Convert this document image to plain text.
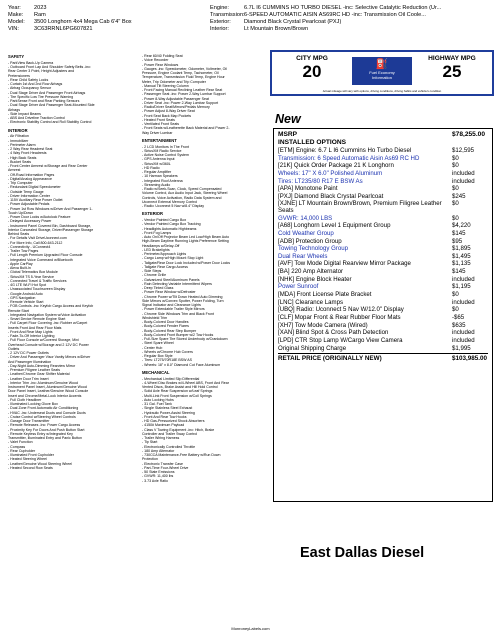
Year: 2023
Make: Ram
Model: 3500 Longhorn 4x4 Mega Cab 6'4" Box
VIN:	3C63RRNL6PG607821
Engine:	6.7L I6 CUMMINS HO TURBO DIESEL -inc: Selective Catalytic Reduction (Ur...
Transmission:6-SPEED AUTOMATIC AISIN AS69RC HD -inc: Transmission Oil Coole...
Exterior: Diamond Black Crystal Pearlcoat (PXJ)
Interior:	Lt Mountain Brown/Brown
SAFETY
- ParkView Back-Up Camera
- Outboard Front Lap And Shoulder Safety Belts -inc:
Rear Center 3 Point, Height Adjusters and
Pretensioners
- Rear Child Safety Locks
- Curtain 1st And 2nd Row Airbags
- Airbag Occupancy Sensor
- Dual Stage Driver And Passenger Front Airbags
- Tire Specific Low Tire Pressure Warning
- ParkSense Front and Rear Parking Sensors
- Dual Stage Driver And Passenger Seat-Mounted Side
Airbags
- Side Impact Beams
- ABS And Driveline Traction Control
- Electronic Stability Control and Roll Stability Control
INTERIOR
- Air Filtration
- Immobilizer
- Perimeter Alarm
- 2 Way Rear Headrest Seat
- 4 Way Front Headrests
- High Back Seats
- Bucket Seats
- Front Center Armrest w/Storage and Rear Center
Armrest
- Off-Road Information Pages
- Digital/Analog Appearance
- Trip Computer
- Redundant Digital Speedometer
- Outside Temp Gauge
- Driver Information Center
- 115V Auxiliary Rear Power Outlet
- Power Adjustable Pedals
- Power 1st Row Windows w/Driver And Passenger 1-
Touch Up/Down
- Power Door Locks w/Autolock Feature
- Delayed Accessory Power
- Instrument Panel Covered Bin, Dashboard Storage,
Interior Concealed Storage, Driver/Passenger Storage
Behind Seats
- For Details Visit DriveUconnect.com
- For More Info, Call 800-643-2112
- Connectivity - UConnect4
- Trailer Tow Pages
- Full Length Premium Upgraded Floor Console
- Integrated Voice Command w/Bluetooth
- Apple CarPlay
- Alexa Built-In
- Global Telematics Box Module
- SiriusXM TS 5-Year Service
- Connected Travel & Traffic Services
- 4G LTE Wi-Fi Hot Spot
- Unassociated Touchscreen Display
- Google Android Auto
- GPS Navigation
- Remote Vehicle Start
- FOB Controls -inc: Keyfob Cargo Access and Keyfob
Remote Start
- Integrated Navigation System w/Voice Activation
- Smart Device Remote Engine Start
- Full Carpet Floor Covering -inc: Rubber w/Carpet
Inserts Front And Rear Floor Mats
- Front And Rear Map Lights
- Fade-To-Off Interior Lighting
- Full Floor Console w/Covered Storage, Mini
Overhead Console w/Storage and 2 12V DC Power
Outlets
- 2 12V DC Power Outlets
- Driver And Passenger Visor Vanity Mirrors w/Driver
And Passenger Illumination
- Day-Night Auto-Dimming Rearview Mirror
- Premium Filigree Leather Seats
- Leather/Chrome Gear Shifter Material
- Leather Door Trim Insert
- Interior Trim -inc: Aluminum/Genuine Wood
Instrument Panel Insert, Aluminum/Genuine Wood
Door Panel Insert, Leather/Genuine Wood Console
Insert and Chrome/Metal-Look Interior Accents
- Full Cloth Headliner
- Illuminated Locking Glove Box
- Dual Zone Front Automatic Air Conditioning
- HVAC -inc: Underseat Ducts and Console Ducts
- Cruise Control w/Steering Wheel Controls
- Garage Door Transmitter
- Remote Releases -Inc: Power Cargo Access
- Proximity Key For Doors And Push Button Start
- Remote Keyless Entry w/Integrated Key
Transmitter, Illuminated Entry and Panic Button
- Valet Function
- Compass
- Rear Cupholder
- Illuminated Front Cupholder
- Heated Steering Wheel
- Leather/Genuine Wood Steering Wheel
- Heated Second Row Seats
- Rear 60/40 Folding Seat
- Voice Recorder
- Power Rear Windows
- Gauges -inc: Speedometer, Odometer, Voltmeter, Oil
Pressure, Engine Coolant Temp, Tachometer, Oil
Temperature, Transmission Fluid Temp, Engine Hour
Meter, Trip Odometer and Trip Computer
- Manual Tilt Steering Column
- Front Facing Manual Reclining Leather Rear Seat
- Passenger Seat -inc: Power 2-Way Lumbar Support
- Power 8-Way Adjustable Passenger Seat
- Driver Seat -inc: Power 2-Way Lumbar Support
- Radio/Driver Seat/Mirrors/Pedals Memory
- Power Adjust 8-Way Driver Seat
- Front Seat Back Map Pockets
- Heated Front Seats
- Ventilated Front Seats
- Front Seats w/Leatherette Back Material and Power 2-
Way Driver Lumbar
ENTERTAINMENT
- 2 LCD Monitors In The Front
- SiriusXM Radio Service
- Active Noise Control System
- GPS Antenna Input
- SiriusXM w/360L
- HD Radio
- Regular Amplifier
- 10 Harman Speakers
- Integrated Roof Antenna
- Streaming Audio
- Radio w/Seek-Scan, Clock, Speed Compensated
Volume Control, Aux Audio Input Jack, Steering Wheel
Controls, Voice Activation, Radio Data System and
Uconnect External Memory Control
- Radio: Uconnect 5 Nav w/8.4" Display
EXTERIOR
- Vendor Painted Cargo Box
- Vendor Painted Cargo Box Tracking
- Headlights Automatic Highbeams
- Front Fog Lamps
- Auto On/Off Projector Beam Led Low/High Beam Auto
High-Beam Daytime Running Lights Preference Setting
Headlamps w/Delay-Off
- LED Brakelights
- Perimeter/Approach Lights
- Cargo Lamp w/High Mount Stop Light
- Tailgate/Rear Door Lock Included w/Power Door Locks
- Tailgate Rear Cargo Access
- Side Steps
- Chrome Grille
- Galvanized Steel/Aluminum Panels
- Rain Detecting Variable Intermittent Wipers
- Deep Tinted Glass
- Power Rear Window w/Defroster
- Chrome Power w/Tilt Down Heated Auto Dimming
Side Mirrors w/Convex Spotter, Power Folding, Turn
Signal Indicator and Clearance Lights
- Power Extendable Trailer Style Mirrors
- Chrome Side Windows Trim and Black Front
Windshield Trim
- Body-Colored Door Handles
- Body-Colored Fender Flares
- Body-Colored Rear Step Bumper
- Body-Colored Front Bumper w/2 Tow Hooks
- Full-Size Spare Tire Stored Underbody w/Crankdown
- Steel Spare Wheel
- Center Hub
- Wheels w/Chrome Hub Covers
- Regular Box Style
- Tires: LT275/70R18E BSW AS
- Wheels: 18" x 8.0" Diamond Cut Face Aluminum
MECHANICAL
- Mechanical Limited Slip Differential
- 4-Wheel Disc Brakes w/4-Wheel ABS, Front And Rear
Vented Discs, Brake Assist and Hill Hold Control
- Solid Axle Rear Suspension w/Leaf Springs
- Multi-Link Front Suspension w/Coil Springs
- Auto Locking Hubs
- 31 Gal. Fuel Tank
- Single Stainless Steel Exhaust
- Hydraulic Power-Assist Steering
- Front And Rear Tow Hooks
- HD Gas-Pressurized Shock Absorbers
- 4150# Maximum Payload
- Class V Towing Equipment -inc: Hitch, Brake
Controller and Trailer Sway Control
- Trailer Wiring Harness
- Tip Start
- Electronically Controlled Throttle
- 180 Amp Alternator
- 730CCA Maintenance-Free Battery w/Run Down
Protection
- Electronic Transfer Case
- Part-Time Four-Wheel Drive
- 50 State Emissions
- GVWR: 11,400 lbs
- 3.73 Axle Ratio
CITY MPG
20	⛽
Fuel Economy
Information
HIGHWAY MPG
25
Actual mileage will vary with options, driving conditions, driving habits and vehicle's condition
New
MSRP	$78,255.00
INSTALLED OPTIONS	
[ETM] Engine: 6.7 L I6 Cummins Ho Turbo Diesel	$12,595
Transmission: 6 Speed Automatic Aisin As69 RC HD	$0
[21K] Quick Order Package 21 K Longhorn	$0
Wheels: 17" X 6.0" Polished Aluminum	included
Tires: LT235/80 R17 E BSW As	included
[APA] Monotone Paint	$0
[PXJ] Diamond Black Crystal Pearlcoat	$245
[XJNE] LT Mountain Brown/Brown, Premium Filigree Leather Seats	$0
GVWR: 14,000 LBS	$0
[A68] Longhorn Level 1 Equipment Group	$4,220
Cold Weather Group	$145
[ADB] Protection Group	$95
Towing Technology Group	$1,895
Dual Rear Wheels	$1,495
[AVF] Tow Mode Digital Rearview Mirror Package	$1,135
[BA] 220 Amp Alternator	$145
[NHK] Engine Block Heater	included
Power Sunroof	$1,195
[MDA] Front License Plate Bracket	$0
[LNC] Clearance Lamps	included
[UBQ] Radio: Uconnect 5 Nav W/12.0" Display	$0
[CLF] Mopar Front & Rear Rubber Floor Mats	-$65
[XH7] Tow Mode Camera (Wired)	$635
[XAN] Blind Spot & Cross Path Detection	included
[LPD] CTR Stop Lamp W/Cargo View Camera	included
Original Shipping Charge	$1,995
RETAIL PRICE (ORIGINALLY NEW)	$103,985.00
East Dallas Diesel
MonroneyLabels.com
